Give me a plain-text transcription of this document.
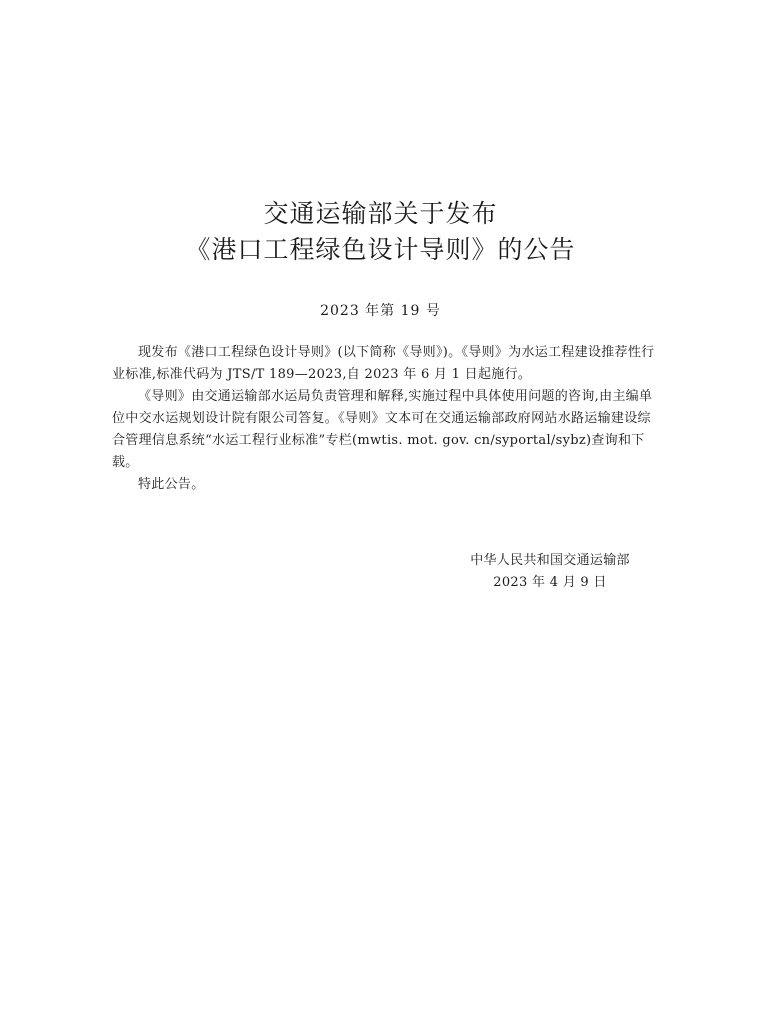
交通运输部关于发布
《港口工程绿色设计导则》的公告
2023 年第 19 号

现发布《港口工程绿色设计导则》(以下简称《导则》)。《导则》为水运工程建设推荐性行业标准,标准代码为 JTS/T 189—2023,自 2023 年 6 月 1 日起施行。

《导则》由交通运输部水运局负责管理和解释,实施过程中具体使用问题的咨询,由主编单位中交水运规划设计院有限公司答复。《导则》文本可在交通运输部政府网站水路运输建设综合管理信息系统“水运工程行业标准”专栏(mwtis. mot. gov. cn/syportal/sybz)查询和下载。

特此公告。

中华人民共和国交通运输部
2023 年 4 月 9 日
